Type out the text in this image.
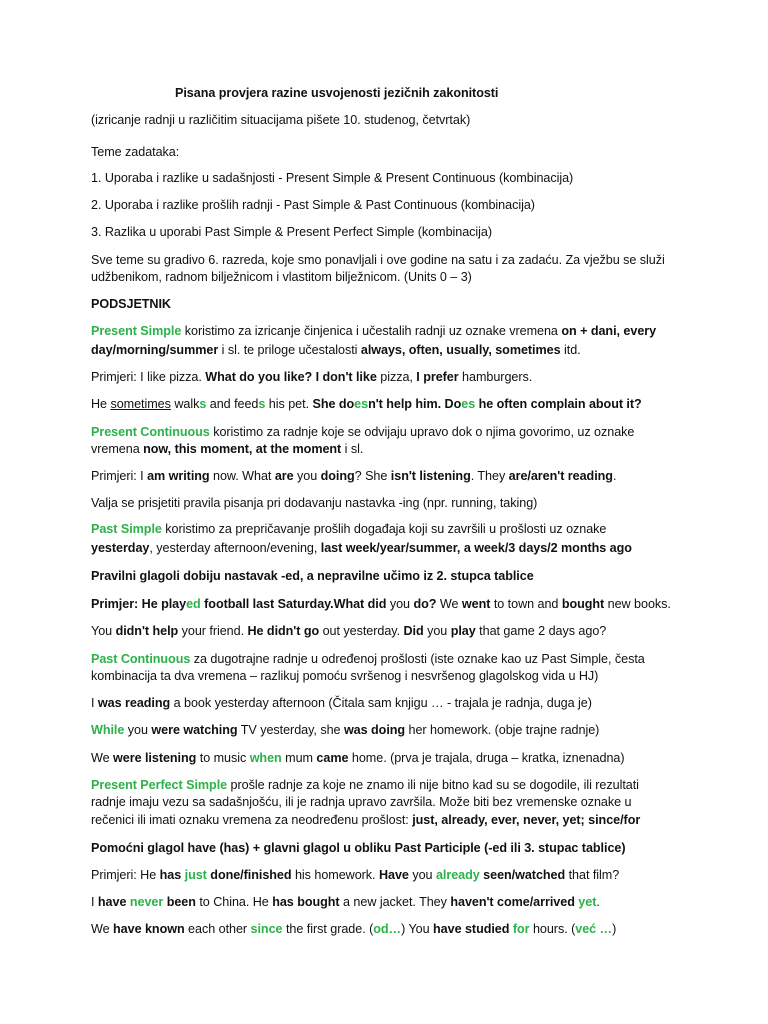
Pisana provjera razine usvojenosti jezičnih zakonitosti
(izricanje radnji u različitim situacijama pišete 10. studenog, četvrtak)
Teme zadataka:
1. Uporaba i razlike u sadašnjosti - Present Simple & Present Continuous (kombinacija)
2. Uporaba i razlike prošlih radnji - Past Simple & Past Continuous (kombinacija)
3. Razlika u uporabi Past Simple & Present Perfect Simple (kombinacija)
Sve teme su gradivo 6. razreda, koje smo ponavljali i ove godine na satu i za zadaću. Za vježbu se služi
udžbenikom, radnom bilježnicom i vlastitom bilježnicom. (Units 0 – 3)
PODSJETNIK
Present Simple koristimo za izricanje činjenica i učestalih radnji uz oznake vremena on + dani, every
day/morning/summer i sl. te priloge učestalosti always, often, usually, sometimes itd.
Primjeri: I like pizza. What do you like? I don't like pizza, I prefer hamburgers.
He sometimes walks and feeds his pet. She doesn't help him. Does he often complain about it?
Present Continuous koristimo za radnje koje se odvijaju upravo dok o njima govorimo, uz oznake
vremena now, this moment, at the moment i sl.
Primjeri: I am writing now. What are you doing? She isn't listening. They are/aren't reading.
Valja se prisjetiti pravila pisanja pri dodavanju nastavka -ing (npr. running, taking)
Past Simple koristimo za prepričavanje prošlih događaja koji su završili u prošlosti uz oznake
yesterday, yesterday afternoon/evening, last week/year/summer, a week/3 days/2 months ago
Pravilni glagoli dobiju nastavak -ed, a nepravilne učimo iz 2. stupca tablice
Primjer: He played football last Saturday.What did you do? We went to town and bought new books.
You didn't help your friend. He didn't go out yesterday. Did you play that game 2 days ago?
Past Continuous za dugotrajne radnje u određenoj prošlosti (iste oznake kao uz Past Simple, česta
kombinacija ta dva vremena – razlikuj pomoću svršenog i nesvršenog glagolskog vida u HJ)
I was reading a book yesterday afternoon (Čitala sam knjigu … - trajala je radnja, duga je)
While you were watching TV yesterday, she was doing her homework. (obje trajne radnje)
We were listening to music when mum came home. (prva je trajala, druga – kratka, iznenadna)
Present Perfect Simple prošle radnje za koje ne znamo ili nije bitno kad su se dogodile, ili rezultati
radnje imaju vezu sa sadašnjošću, ili je radnja upravo završila. Može biti bez vremenske oznake u
rečenici ili imati oznaku vremena za neodređenu prošlost: just, already, ever, never, yet; since/for
Pomoćni glagol have (has) + glavni glagol u obliku Past Participle (-ed ili 3. stupac tablice)
Primjeri: He has just done/finished his homework. Have you already seen/watched that film?
I have never been to China. He has bought a new jacket. They haven't come/arrived yet.
We have known each other since the first grade. (od…) You have studied for hours. (već …)
